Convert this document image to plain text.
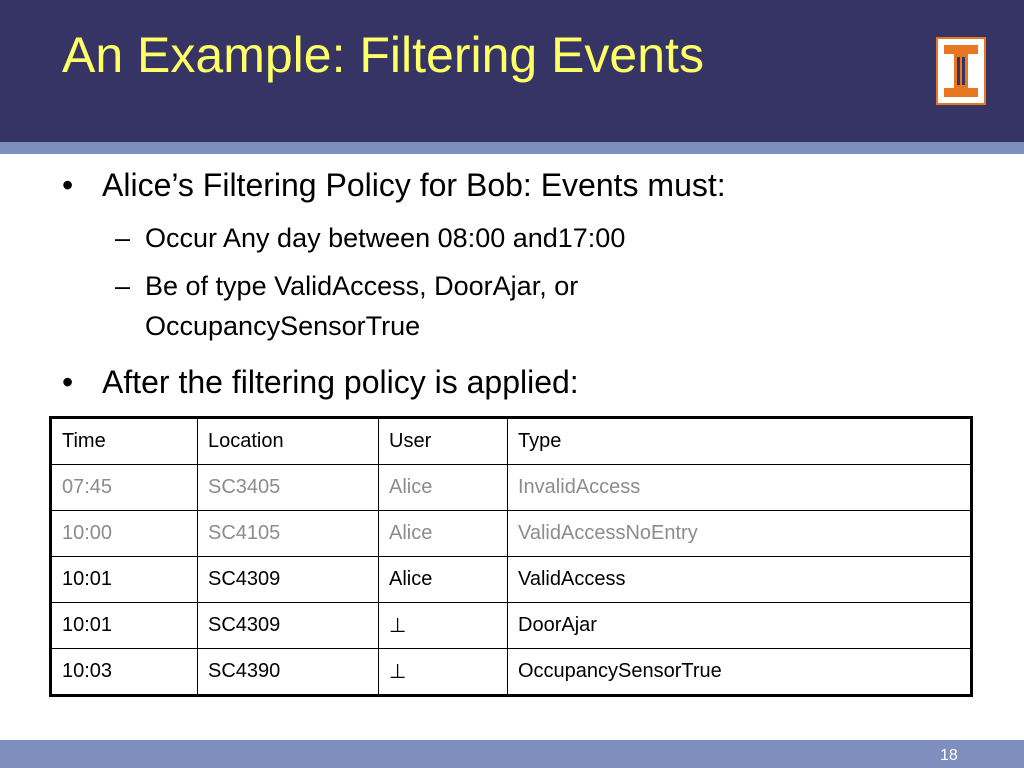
An Example: Filtering Events
• Alice’s Filtering Policy for Bob: Events must:
– Occur Any day between 08:00 and17:00
– Be of type ValidAccess, DoorAjar, or OccupancySensorTrue
• After the filtering policy is applied:
Time	Location	User	Type
07:45	SC3405	Alice	InvalidAccess
10:00	SC4105	Alice	ValidAccessNoEntry
10:01	SC4309	Alice	ValidAccess
10:01	SC4309	⊥	DoorAjar
10:03	SC4390	⊥	OccupancySensorTrue
18
